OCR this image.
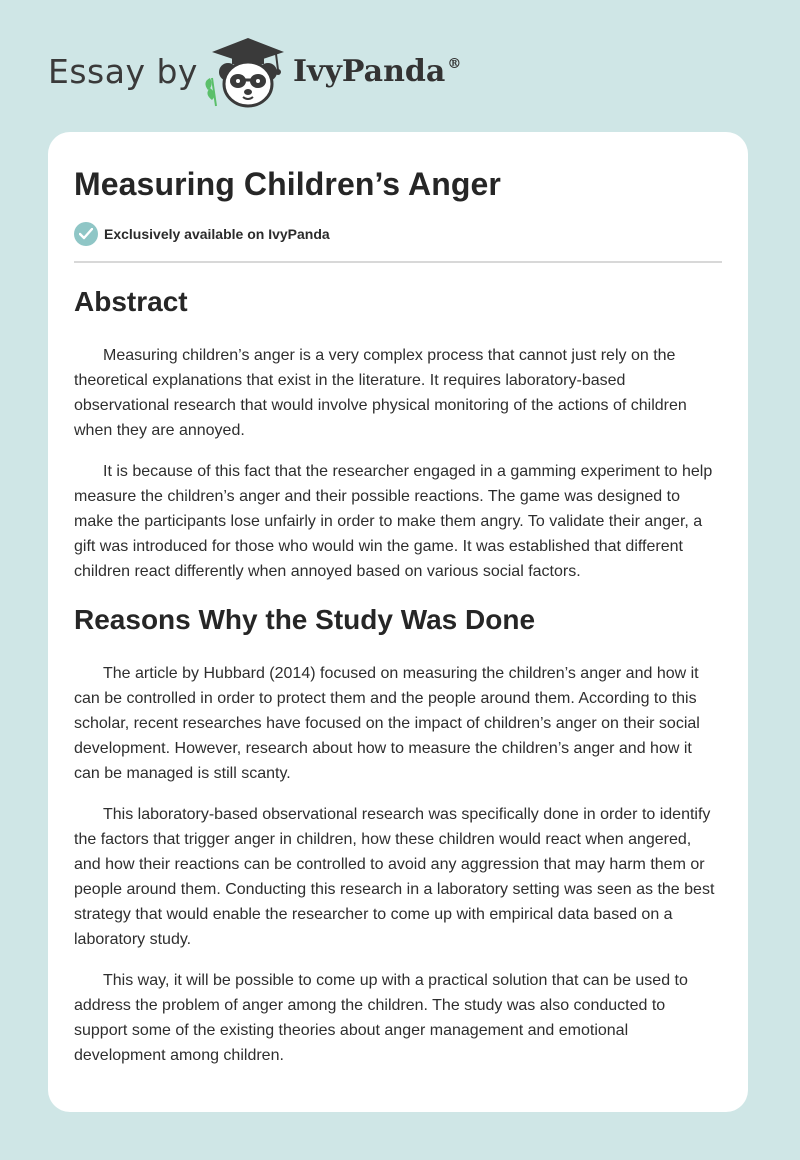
Essay by	IvyPanda ®
Measuring Children’s Anger
Exclusively available on IvyPanda
Abstract

Measuring children’s anger is a very complex process that cannot just rely on the theoretical explanations that exist in the literature. It requires laboratory-based observational research that would involve physical monitoring of the actions of children when they are annoyed.

It is because of this fact that the researcher engaged in a gamming experiment to help measure the children’s anger and their possible reactions. The game was designed to make the participants lose unfairly in order to make them angry. To validate their anger, a gift was introduced for those who would win the game. It was established that different children react differently when annoyed based on various social factors.

Reasons Why the Study Was Done

The article by Hubbard (2014) focused on measuring the children’s anger and how it can be controlled in order to protect them and the people around them. According to this scholar, recent researches have focused on the impact of children’s anger on their social development. However, research about how to measure the children’s anger and how it can be managed is still scanty.

This laboratory-based observational research was specifically done in order to identify the factors that trigger anger in children, how these children would react when angered, and how their reactions can be controlled to avoid any aggression that may harm them or people around them. Conducting this research in a laboratory setting was seen as the best strategy that would enable the researcher to come up with empirical data based on a laboratory study.

This way, it will be possible to come up with a practical solution that can be used to address the problem of anger among the children. The study was also conducted to support some of the existing theories about anger management and emotional development among children.
